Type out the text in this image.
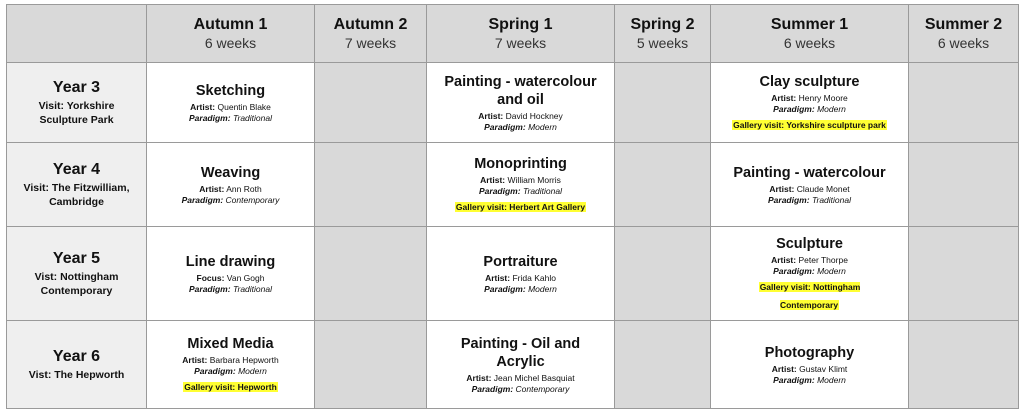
Autumn 1
6 weeks
Autumn 2
7 weeks
Spring 1
7 weeks
Spring 2
5 weeks
Summer 1
6 weeks
Summer 2
6 weeks
Year 3
Visit: Yorkshire Sculpture Park
Sketching
Artist: Quentin Blake
Paradigm: Traditional
Painting - watercolour and oil
Artist: David Hockney
Paradigm: Modern
Clay sculpture
Artist: Henry Moore
Paradigm: Modern
Gallery visit: Yorkshire sculpture park
Year 4
Visit: The Fitzwilliam, Cambridge
Weaving
Artist: Ann Roth
Paradigm: Contemporary
Monoprinting
Artist: William Morris
Paradigm: Traditional
Gallery visit: Herbert Art Gallery
Painting - watercolour
Artist: Claude Monet
Paradigm: Traditional
Year 5
Vist: Nottingham Contemporary
Line drawing
Focus: Van Gogh
Paradigm: Traditional
Portraiture
Artist: Frida Kahlo
Paradigm: Modern
Sculpture
Artist: Peter Thorpe
Paradigm: Modern
Gallery visit: Nottingham Contemporary
Year 6
Vist: The Hepworth
Mixed Media
Artist: Barbara Hepworth
Paradigm: Modern
Gallery visit: Hepworth
Painting - Oil and Acrylic
Artist: Jean Michel Basquiat
Paradigm: Contemporary
Photography
Artist: Gustav Klimt
Paradigm: Modern
